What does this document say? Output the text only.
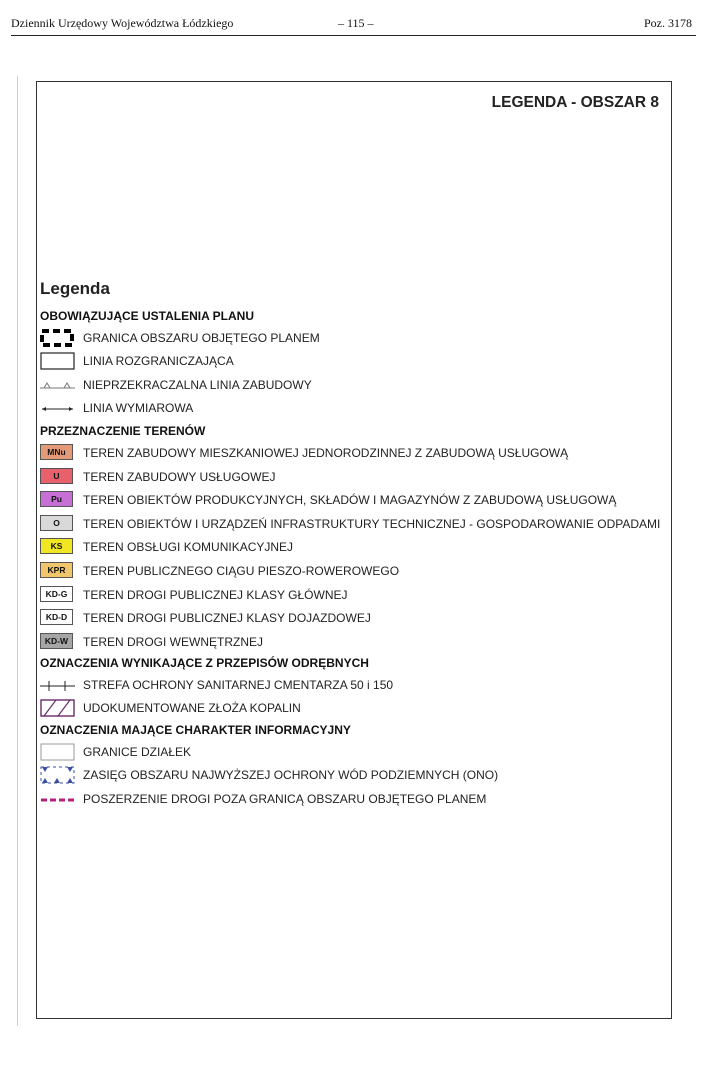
Dziennik Urzędowy Województwa Łódzkiego	– 115 –	Poz. 3178
LEGENDA - OBSZAR 8
Legenda
OBOWIĄZUJĄCE USTALENIA PLANU
GRANICA OBSZARU OBJĘTEGO PLANEM
LINIA ROZGRANICZAJĄCA
NIEPRZEKRACZALNA LINIA ZABUDOWY
LINIA WYMIAROWA
PRZEZNACZENIE TERENÓW
MNu	TEREN ZABUDOWY MIESZKANIOWEJ JEDNORODZINNEJ Z ZABUDOWĄ USŁUGOWĄ
U	TEREN ZABUDOWY USŁUGOWEJ
Pu	TEREN OBIEKTÓW PRODUKCYJNYCH, SKŁADÓW I MAGAZYNÓW Z ZABUDOWĄ USŁUGOWĄ
O	TEREN OBIEKTÓW I URZĄDZEŃ INFRASTRUKTURY TECHNICZNEJ - GOSPODAROWANIE ODPADAMI
KS	TEREN OBSŁUGI KOMUNIKACYJNEJ
KPR	TEREN PUBLICZNEGO CIĄGU PIESZO-ROWEROWEGO
KD-G	TEREN DROGI PUBLICZNEJ KLASY GŁÓWNEJ
KD-D	TEREN DROGI PUBLICZNEJ KLASY DOJAZDOWEJ
KD-W	TEREN DROGI WEWNĘTRZNEJ
OZNACZENIA WYNIKAJĄCE Z PRZEPISÓW ODRĘBNYCH
STREFA OCHRONY SANITARNEJ CMENTARZA 50 i 150
UDOKUMENTOWANE ZŁOŻA KOPALIN
OZNACZENIA MAJĄCE CHARAKTER INFORMACYJNY
GRANICE DZIAŁEK
ZASIĘG OBSZARU NAJWYŻSZEJ OCHRONY WÓD PODZIEMNYCH (ONO)
POSZERZENIE DROGI POZA GRANICĄ OBSZARU OBJĘTEGO PLANEM
